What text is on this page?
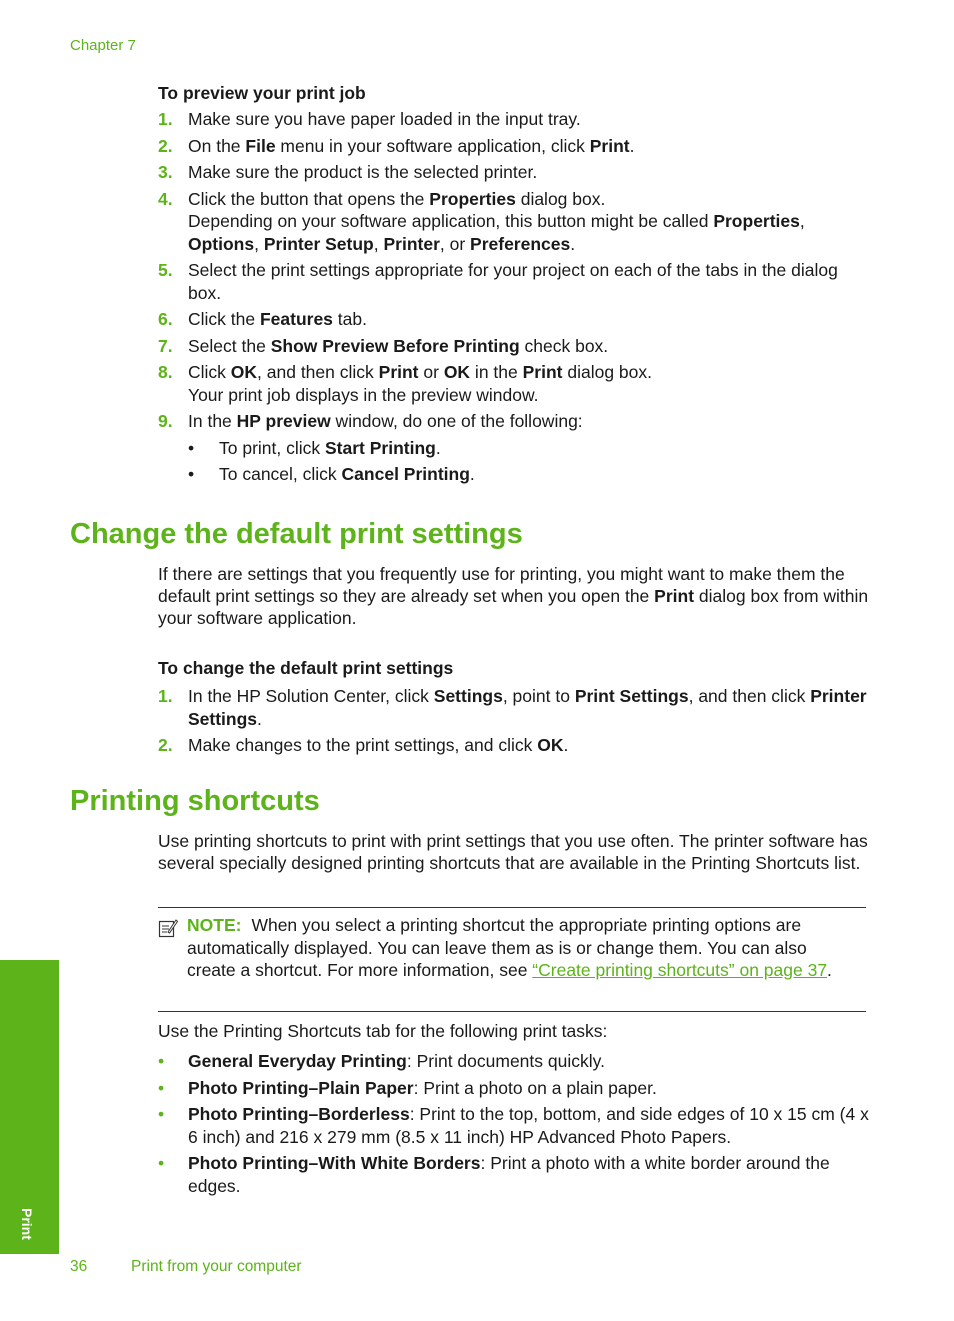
Chapter 7
To preview your print job
1. Make sure you have paper loaded in the input tray.
2. On the File menu in your software application, click Print.
3. Make sure the product is the selected printer.
4. Click the button that opens the Properties dialog box.
Depending on your software application, this button might be called Properties, Options, Printer Setup, Printer, or Preferences.
5. Select the print settings appropriate for your project on each of the tabs in the dialog box.
6. Click the Features tab.
7. Select the Show Preview Before Printing check box.
8. Click OK, and then click Print or OK in the Print dialog box.
Your print job displays in the preview window.
9. In the HP preview window, do one of the following:
• To print, click Start Printing.
• To cancel, click Cancel Printing.
Change the default print settings

If there are settings that you frequently use for printing, you might want to make them the default print settings so they are already set when you open the Print dialog box from within your software application.

To change the default print settings
1. In the HP Solution Center, click Settings, point to Print Settings, and then click Printer Settings.
2. Make changes to the print settings, and click OK.
Printing shortcuts

Use printing shortcuts to print with print settings that you use often. The printer software has several specially designed printing shortcuts that are available in the Printing Shortcuts list.

NOTE: When you select a printing shortcut the appropriate printing options are automatically displayed. You can leave them as is or change them. You can also create a shortcut. For more information, see “Create printing shortcuts” on page 37.

Use the Printing Shortcuts tab for the following print tasks:

• General Everyday Printing: Print documents quickly.
• Photo Printing–Plain Paper: Print a photo on a plain paper.
• Photo Printing–Borderless: Print to the top, bottom, and side edges of 10 x 15 cm (4 x 6 inch) and 216 x 279 mm (8.5 x 11 inch) HP Advanced Photo Papers.
• Photo Printing–With White Borders: Print a photo with a white border around the edges.
Print
36	Print from your computer
